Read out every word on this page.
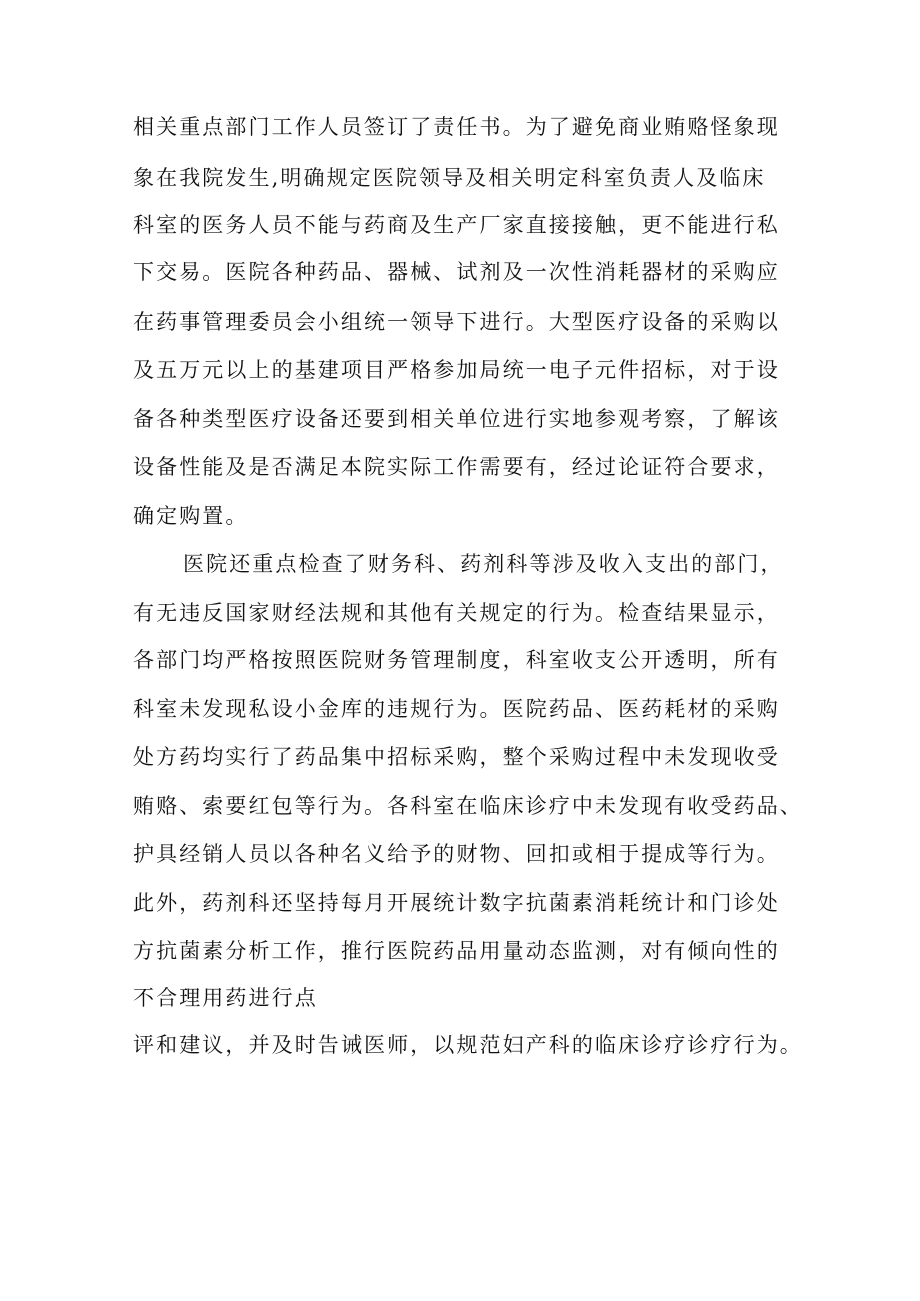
相关重点部门工作人员签订了责任书。为了避免商业贿赂怪象现
象在我院发生,明确规定医院领导及相关明定科室负责人及临床
科室的医务人员不能与药商及生产厂家直接接触，更不能进行私
下交易。医院各种药品、器械、试剂及一次性消耗器材的采购应
在药事管理委员会小组统一领导下进行。大型医疗设备的采购以
及五万元以上的基建项目严格参加局统一电子元件招标，对于设
备各种类型医疗设备还要到相关单位进行实地参观考察，了解该
设备性能及是否满足本院实际工作需要有，经过论证符合要求，
确定购置。
医院还重点检查了财务科、药剂科等涉及收入支出的部门，
有无违反国家财经法规和其他有关规定的行为。检查结果显示，
各部门均严格按照医院财务管理制度，科室收支公开透明，所有
科室未发现私设小金库的违规行为。医院药品、医药耗材的采购
处方药均实行了药品集中招标采购，整个采购过程中未发现收受
贿赂、索要红包等行为。各科室在临床诊疗中未发现有收受药品、
护具经销人员以各种名义给予的财物、回扣或相于提成等行为。
此外，药剂科还坚持每月开展统计数字抗菌素消耗统计和门诊处
方抗菌素分析工作，推行医院药品用量动态监测，对有倾向性的
不合理用药进行点
评和建议，并及时告诫医师，以规范妇产科的临床诊疗诊疗行为。
